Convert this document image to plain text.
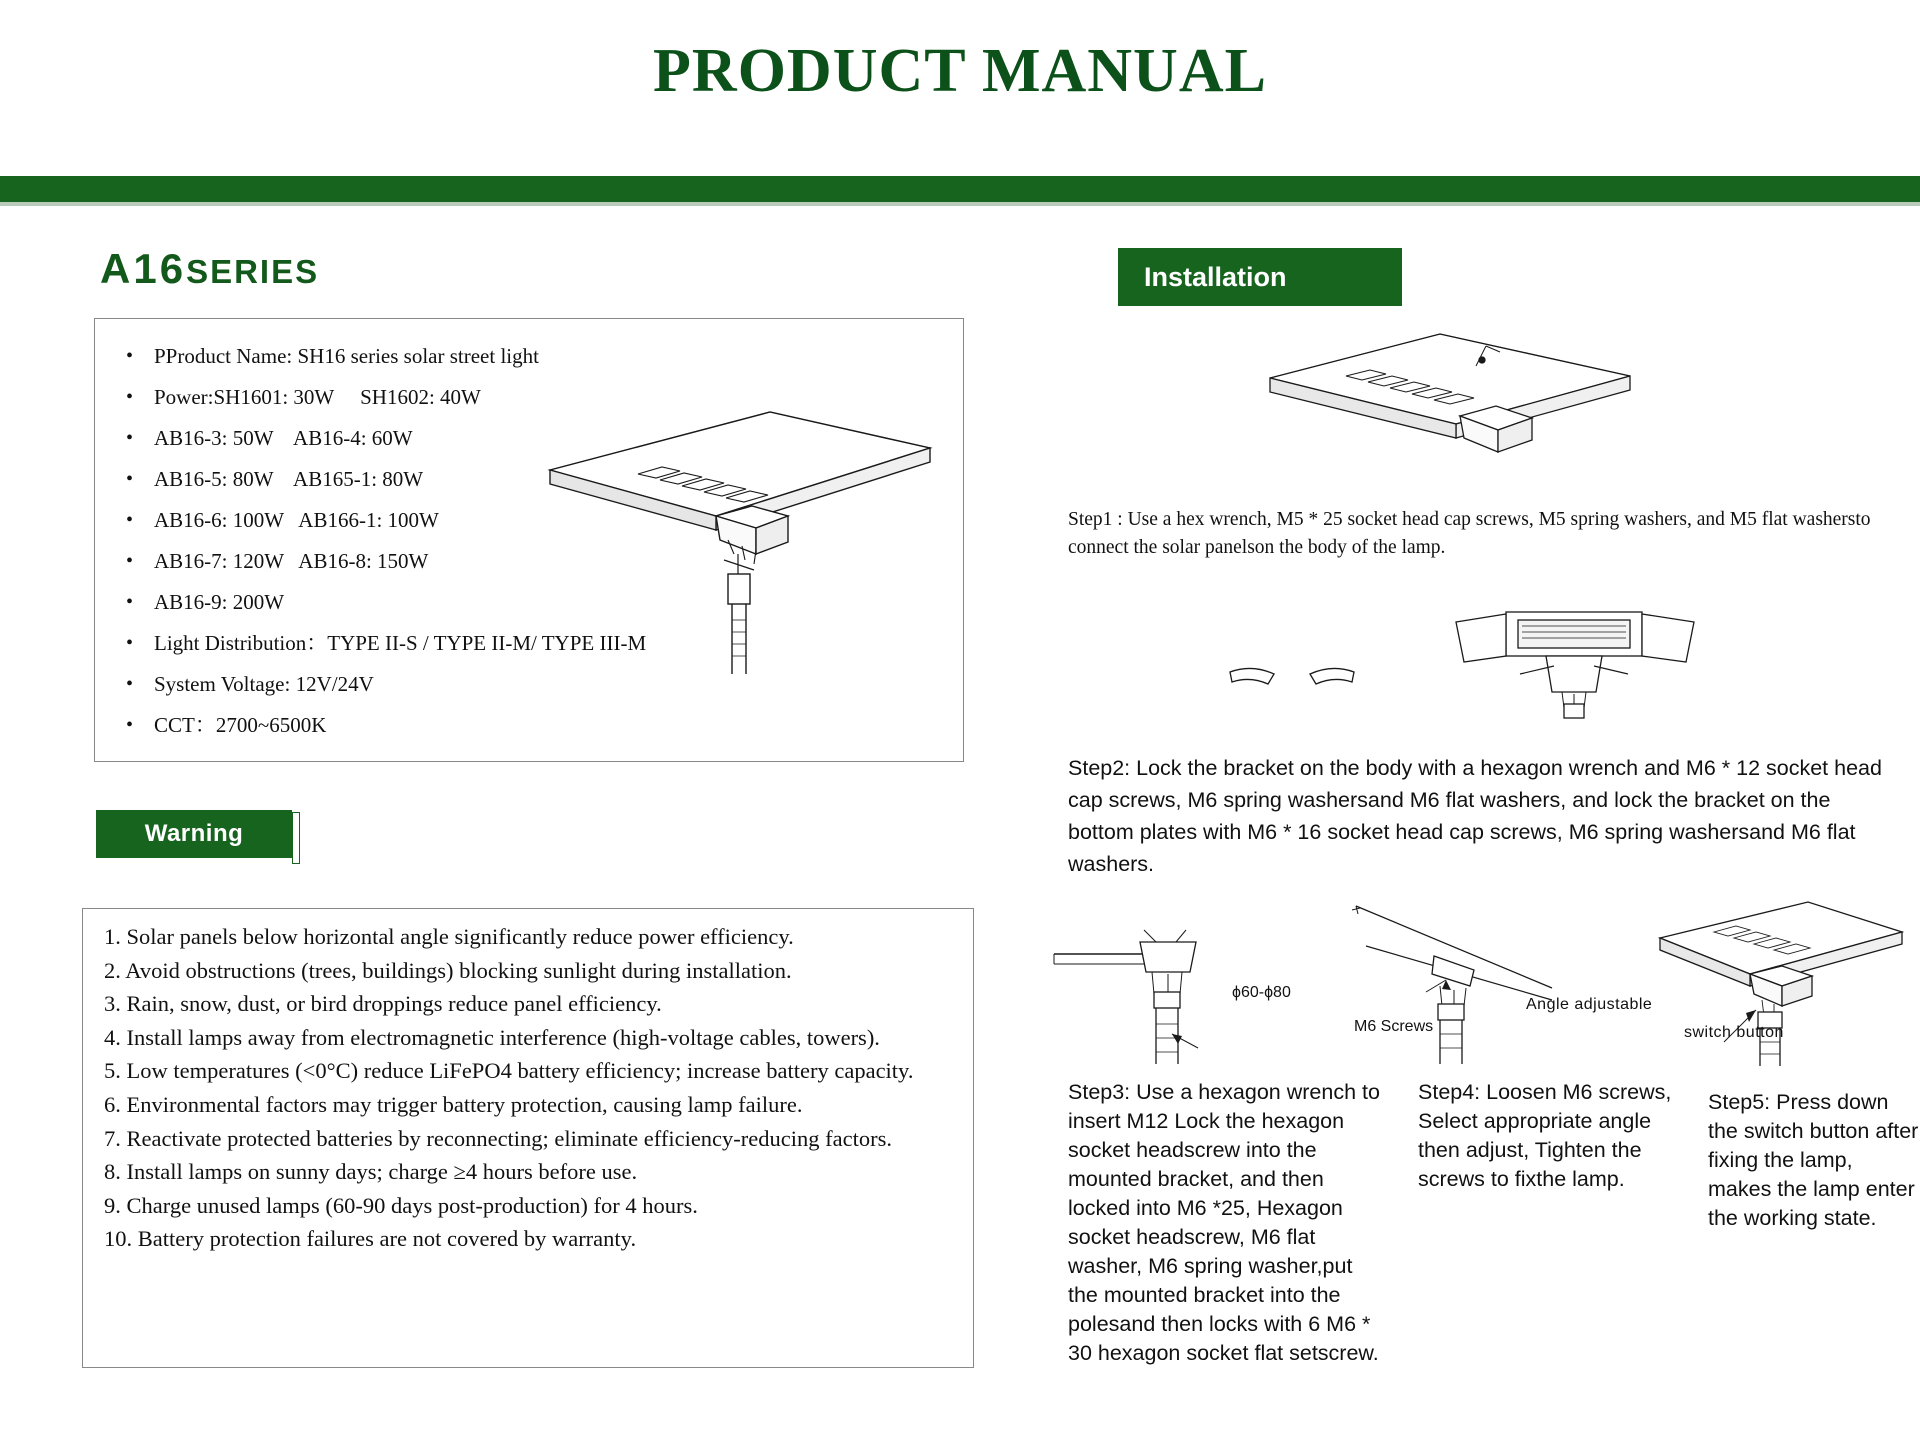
PRODUCT MANUAL
A16SERIES
• PProduct Name: SH16 series solar street light
• Power:SH1601: 30W     SH1602: 40W
• AB16-3: 50W    AB16-4: 60W
• AB16-5: 80W    AB165-1: 80W
• AB16-6: 100W   AB166-1: 100W
• AB16-7: 120W   AB16-8: 150W
• AB16-9: 200W
• Light Distribution：TYPE II-S / TYPE II-M/ TYPE III-M
• System Voltage: 12V/24V
• CCT：2700~6500K
Warning

1. Solar panels below horizontal angle significantly reduce power efficiency.

2. Avoid obstructions (trees, buildings) blocking sunlight during installation.

3. Rain, snow, dust, or bird droppings reduce panel efficiency.

4. Install lamps away from electromagnetic interference (high-voltage cables, towers).

5. Low temperatures (<0°C) reduce LiFePO4 battery efficiency; increase battery capacity.

6. Environmental factors may trigger battery protection, causing lamp failure.

7. Reactivate protected batteries by reconnecting; eliminate efficiency-reducing factors.

8. Install lamps on sunny days; charge ≥4 hours before use.

9. Charge unused lamps (60-90 days post-production) for 4 hours.

10. Battery protection failures are not covered by warranty.

Installation
Step1 : Use a hex wrench, M5 * 25 socket head cap screws, M5 spring washers, and M5 flat washersto connect the solar panelson the body of the lamp.
Step2: Lock the bracket on the body with a hexagon wrench and M6 * 12 socket head cap screws, M6 spring washersand M6 flat washers, and lock the bracket on the bottom plates with M6 * 16 socket head cap screws, M6 spring washersand M6 flat washers.
ϕ60-ϕ80
M6 Screws
Angle adjustable
switch button
Step3: Use a hexagon wrench to insert M12 Lock the hexagon socket headscrew into the mounted bracket, and then locked into M6 *25, Hexagon socket headscrew, M6 flat washer, M6 spring washer,put the mounted bracket into the polesand then locks with 6 M6 * 30 hexagon socket flat setscrew.
Step4: Loosen M6 screws, Select appropriate angle then adjust, Tighten the screws to fixthe lamp.
Step5: Press down the switch button after fixing the lamp, makes the lamp enter the working state.
